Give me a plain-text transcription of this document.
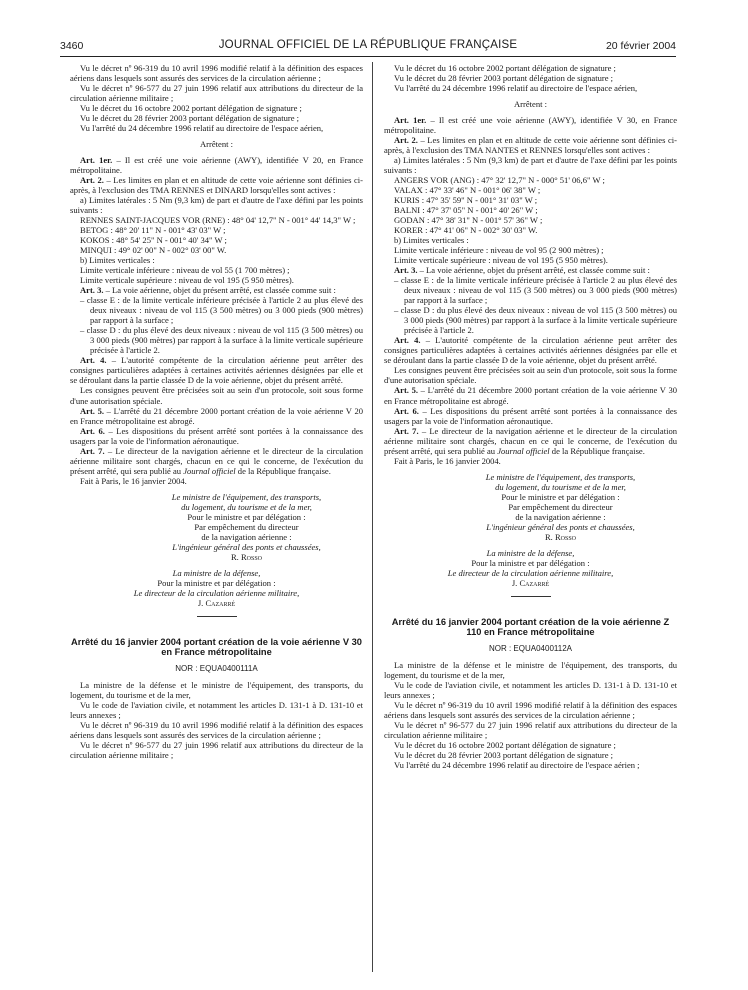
3460	JOURNAL OFFICIEL DE LA RÉPUBLIQUE FRANÇAISE	20 février 2004

Vu le décret nº 96-319 du 10 avril 1996 modifié relatif à la définition des espaces aériens dans lesquels sont assurés des services de la circulation aérienne ;

Vu le décret nº 96-577 du 27 juin 1996 relatif aux attributions du directeur de la circulation aérienne militaire ;

Vu le décret du 16 octobre 2002 portant délégation de signature ;

Vu le décret du 28 février 2003 portant délégation de signature ;

Vu l'arrêté du 24 décembre 1996 relatif au directoire de l'espace aérien,

Arrêtent :

Art. 1er. – Il est créé une voie aérienne (AWY), identifiée V 20, en France métropolitaine.

Art. 2. – Les limites en plan et en altitude de cette voie aérienne sont définies ci-après, à l'exclusion des TMA RENNES et DINARD lorsqu'elles sont actives :

a) Limites latérales : 5 Nm (9,3 km) de part et d'autre de l'axe défini par les points suivants :

RENNES SAINT-JACQUES VOR (RNE) : 48° 04' 12,7" N - 001° 44' 14,3" W ;

BETOG : 48° 20' 11" N - 001° 43' 03" W ;

KOKOS : 48° 54' 25" N - 001° 40' 34" W ;

MINQUI : 49° 02' 00" N - 002° 03' 00" W.

b) Limites verticales :

Limite verticale inférieure : niveau de vol 55 (1 700 mètres) ;

Limite verticale supérieure : niveau de vol 195 (5 950 mètres).

Art. 3. – La voie aérienne, objet du présent arrêté, est classée comme suit :

– classe E : de la limite verticale inférieure précisée à l'article 2 au plus élevé des deux niveaux : niveau de vol 115 (3 500 mètres) ou 3 000 pieds (900 mètres) par rapport à la surface ;

– classe D : du plus élevé des deux niveaux : niveau de vol 115 (3 500 mètres) ou 3 000 pieds (900 mètres) par rapport à la surface à la limite verticale supérieure précisée à l'article 2.

Art. 4. – L'autorité compétente de la circulation aérienne peut arrêter des consignes particulières adaptées à certaines activités aériennes désignées par elle et se déroulant dans la partie classée D de la voie aérienne, objet du présent arrêté.

Les consignes peuvent être précisées soit au sein d'un protocole, soit sous forme d'une autorisation spéciale.

Art. 5. – L'arrêté du 21 décembre 2000 portant création de la voie aérienne V 20 en France métropolitaine est abrogé.

Art. 6. – Les dispositions du présent arrêté sont portées à la connaissance des usagers par la voie de l'information aéronautique.

Art. 7. – Le directeur de la navigation aérienne et le directeur de la circulation aérienne militaire sont chargés, chacun en ce qui le concerne, de l'exécution du présent arrêté, qui sera publié au Journal officiel de la République française.

Fait à Paris, le 16 janvier 2004.

Le ministre de l'équipement, des transports,
du logement, du tourisme et de la mer,
Pour le ministre et par délégation :
Par empêchement du directeur
de la navigation aérienne :
L'ingénieur général des ponts et chaussées,
R. Rosso
La ministre de la défense,
Pour la ministre et par délégation :
Le directeur de la circulation aérienne militaire,
J. Cazarré
Arrêté du 16 janvier 2004 portant création de la voie aérienne V 30 en France métropolitaine
NOR : EQUA0400111A

La ministre de la défense et le ministre de l'équipement, des transports, du logement, du tourisme et de la mer,

Vu le code de l'aviation civile, et notamment les articles D. 131-1 à D. 131-10 et leurs annexes ;

Vu le décret nº 96-319 du 10 avril 1996 modifié relatif à la définition des espaces aériens dans lesquels sont assurés des services de la circulation aérienne ;

Vu le décret nº 96-577 du 27 juin 1996 relatif aux attributions du directeur de la circulation aérienne militaire ;

Vu le décret du 16 octobre 2002 portant délégation de signature ;

Vu le décret du 28 février 2003 portant délégation de signature ;

Vu l'arrêté du 24 décembre 1996 relatif au directoire de l'espace aérien,

Arrêtent :

Art. 1er. – Il est créé une voie aérienne (AWY), identifiée V 30, en France métropolitaine.

Art. 2. – Les limites en plan et en altitude de cette voie aérienne sont définies ci-après, à l'exclusion des TMA NANTES et RENNES lorsqu'elles sont actives :

a) Limites latérales : 5 Nm (9,3 km) de part et d'autre de l'axe défini par les points suivants :

ANGERS VOR (ANG) : 47° 32' 12,7" N - 000° 51' 06,6" W ;

VALAX : 47° 33' 46" N - 001° 06' 38" W ;

KURIS : 47° 35' 59" N - 001° 31' 03" W ;

BALNI : 47° 37' 05" N - 001° 40' 26" W ;

GODAN : 47° 38' 31" N - 001° 57' 36" W ;

KORER : 47° 41' 06" N - 002° 30' 03" W.

b) Limites verticales :

Limite verticale inférieure : niveau de vol 95 (2 900 mètres) ;

Limite verticale supérieure : niveau de vol 195 (5 950 mètres).

Art. 3. – La voie aérienne, objet du présent arrêté, est classée comme suit :

– classe E : de la limite verticale inférieure précisée à l'article 2 au plus élevé des deux niveaux : niveau de vol 115 (3 500 mètres) ou 3 000 pieds (900 mètres) par rapport à la surface ;

– classe D : du plus élevé des deux niveaux : niveau de vol 115 (3 500 mètres) ou 3 000 pieds (900 mètres) par rapport à la surface à la limite verticale supérieure précisée à l'article 2.

Art. 4. – L'autorité compétente de la circulation aérienne peut arrêter des consignes particulières adaptées à certaines activités aériennes désignées par elle et se déroulant dans la partie classée D de la voie aérienne, objet du présent arrêté.

Les consignes peuvent être précisées soit au sein d'un protocole, soit sous la forme d'une autorisation spéciale.

Art. 5. – L'arrêté du 21 décembre 2000 portant création de la voie aérienne V 30 en France métropolitaine est abrogé.

Art. 6. – Les dispositions du présent arrêté sont portées à la connaissance des usagers par la voie de l'information aéronautique.

Art. 7. – Le directeur de la navigation aérienne et le directeur de la circulation aérienne militaire sont chargés, chacun en ce qui le concerne, de l'exécution du présent arrêté, qui sera publié au Journal officiel de la République française.

Fait à Paris, le 16 janvier 2004.

Le ministre de l'équipement, des transports,
du logement, du tourisme et de la mer,
Pour le ministre et par délégation :
Par empêchement du directeur
de la navigation aérienne :
L'ingénieur général des ponts et chaussées,
R. Rosso
La ministre de la défense,
Pour la ministre et par délégation :
Le directeur de la circulation aérienne militaire,
J. Cazarré
Arrêté du 16 janvier 2004 portant création de la voie aérienne Z 110 en France métropolitaine
NOR : EQUA0400112A

La ministre de la défense et le ministre de l'équipement, des transports, du logement, du tourisme et de la mer,

Vu le code de l'aviation civile, et notamment les articles D. 131-1 à D. 131-10 et leurs annexes ;

Vu le décret nº 96-319 du 10 avril 1996 modifié relatif à la définition des espaces aériens dans lesquels sont assurés des services de la circulation aérienne ;

Vu le décret nº 96-577 du 27 juin 1996 relatif aux attributions du directeur de la circulation aérienne militaire ;

Vu le décret du 16 octobre 2002 portant délégation de signature ;

Vu le décret du 28 février 2003 portant délégation de signature ;

Vu l'arrêté du 24 décembre 1996 relatif au directoire de l'espace aérien ;
